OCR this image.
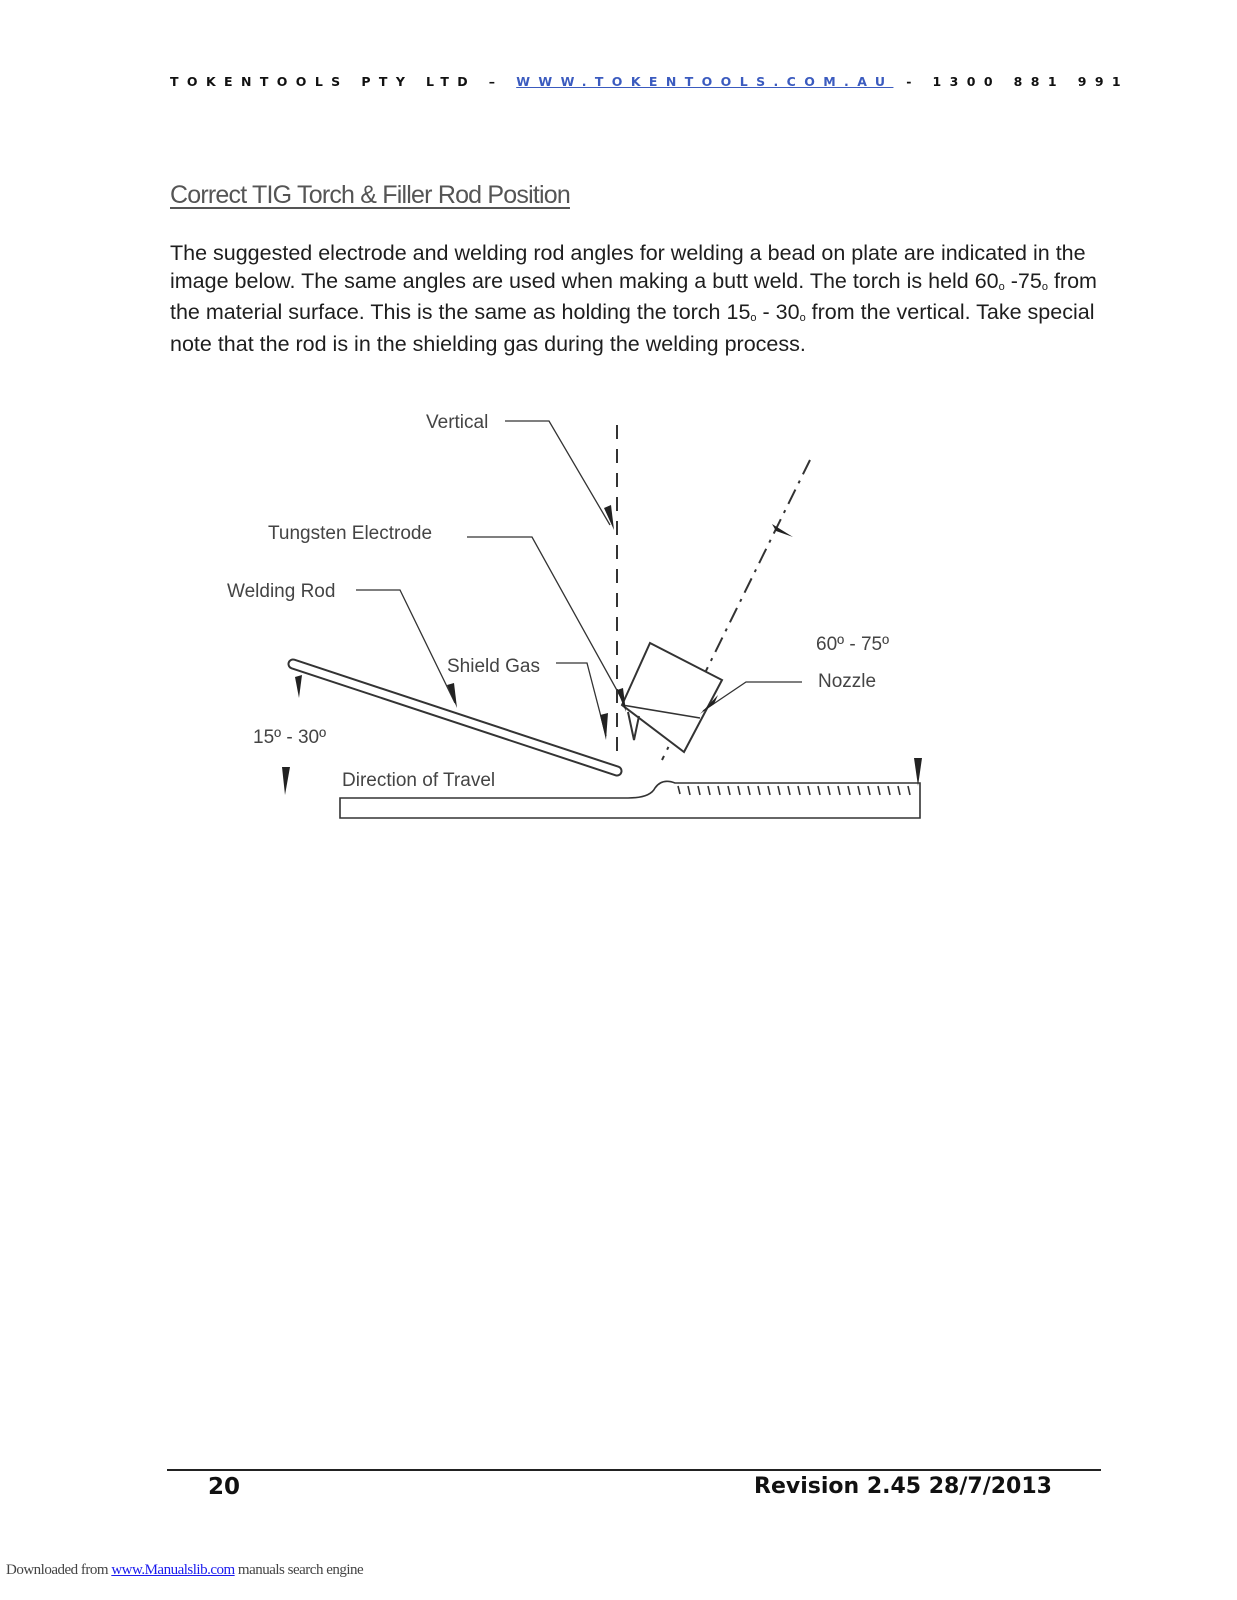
TOKENTOOLS PTY LTD – WWW.TOKENTOOLS.COM.AU - 1300 881 991
Correct TIG Torch & Filler Rod Position

The suggested electrode and welding rod angles for welding a bead on plate are indicated in the image below. The same angles are used when making a butt weld. The torch is held 60o -75o from the material surface. This is the same as holding the torch 15o - 30o from the vertical. Take special note that the rod is in the shielding gas during the welding process.

Vertical
Tungsten Electrode
Welding Rod
Shield Gas
60º - 75º
Nozzle
15º - 30º
Direction of Travel
20	Revision 2.45 28/7/2013
Downloaded from www.Manualslib.com manuals search engine
